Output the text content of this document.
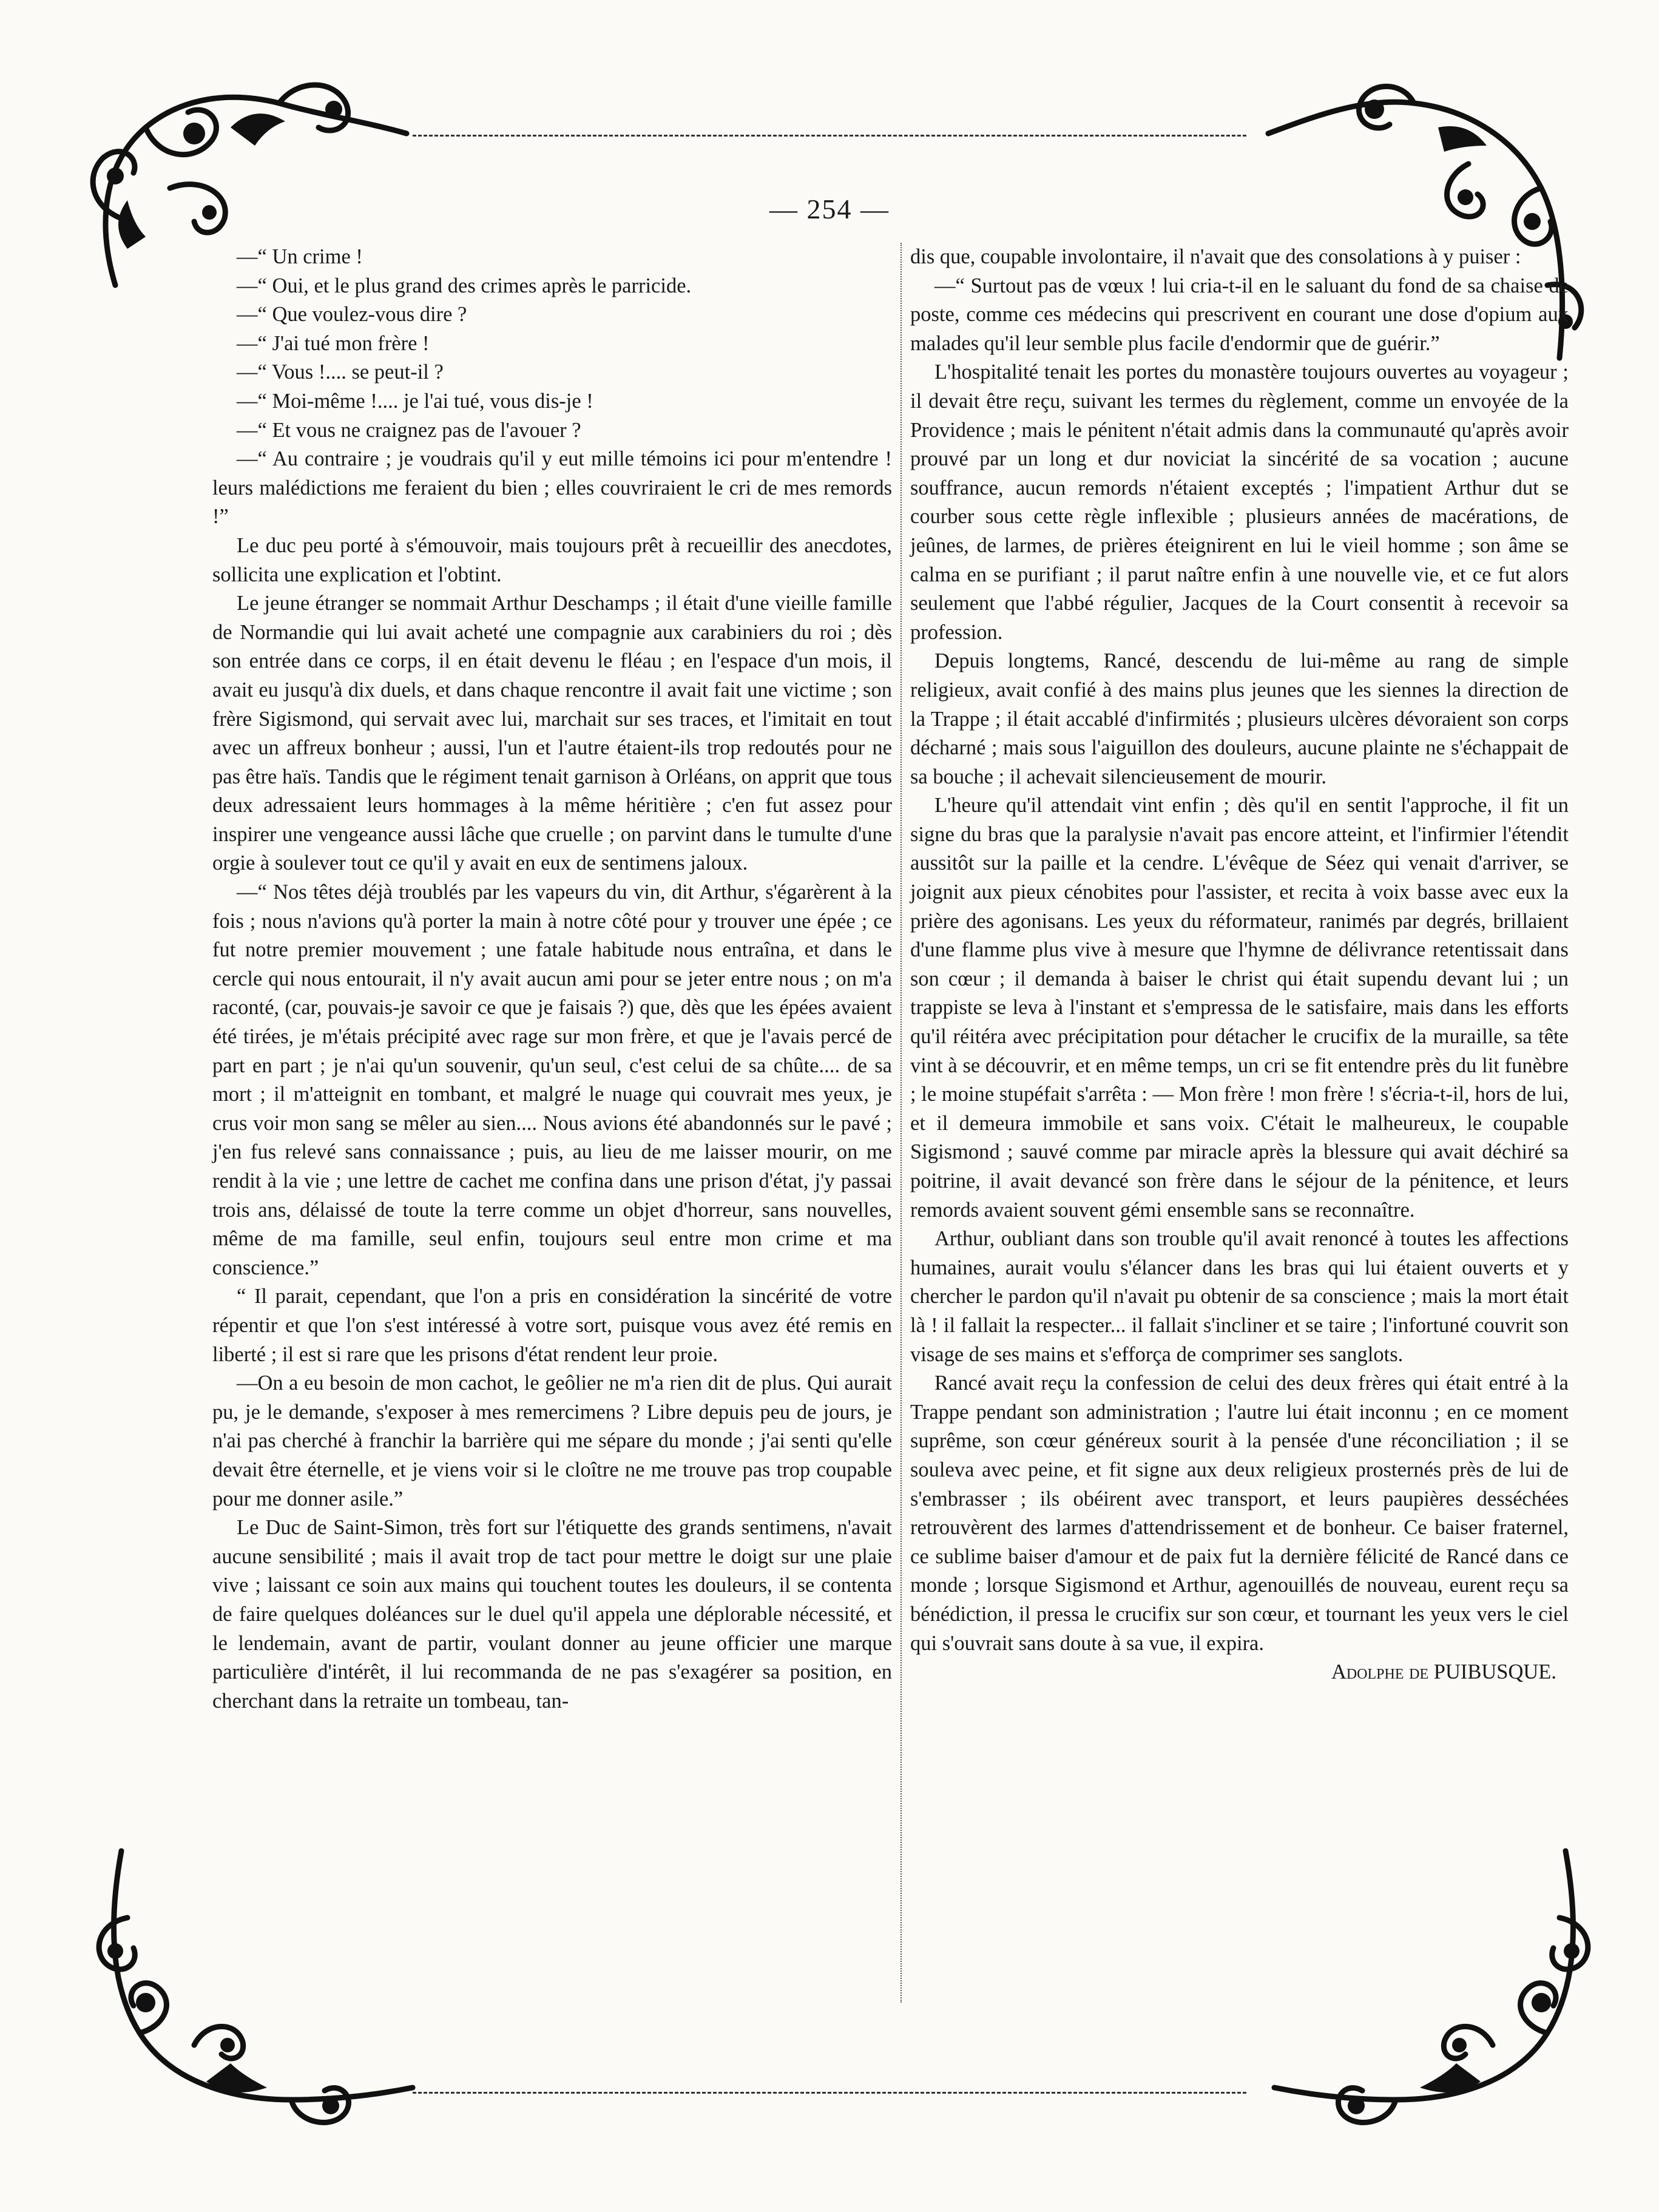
— 254 —

—“ Un crime !

—“ Oui, et le plus grand des crimes après le parricide.

—“ Que voulez-vous dire ?

—“ J'ai tué mon frère !

—“ Vous !.... se peut-il ?

—“ Moi-même !.... je l'ai tué, vous dis-je !

—“ Et vous ne craignez pas de l'avouer ?

—“ Au contraire ; je voudrais qu'il y eut mille témoins ici pour m'entendre ! leurs malédictions me feraient du bien ; elles couvriraient le cri de mes remords !”

Le duc peu porté à s'émouvoir, mais toujours prêt à recueillir des anecdotes, sollicita une explication et l'obtint.

Le jeune étranger se nommait Arthur Deschamps ; il était d'une vieille famille de Normandie qui lui avait acheté une compagnie aux carabiniers du roi ; dès son entrée dans ce corps, il en était devenu le fléau ; en l'espace d'un mois, il avait eu jusqu'à dix duels, et dans chaque rencontre il avait fait une victime ; son frère Sigismond, qui servait avec lui, marchait sur ses traces, et l'imitait en tout avec un affreux bonheur ; aussi, l'un et l'autre étaient-ils trop redoutés pour ne pas être haïs. Tandis que le régiment tenait garnison à Orléans, on apprit que tous deux adressaient leurs hommages à la même héritière ; c'en fut assez pour inspirer une vengeance aussi lâche que cruelle ; on parvint dans le tumulte d'une orgie à soulever tout ce qu'il y avait en eux de sentimens jaloux.

—“ Nos têtes déjà troublés par les vapeurs du vin, dit Arthur, s'égarèrent à la fois ; nous n'avions qu'à porter la main à notre côté pour y trouver une épée ; ce fut notre premier mouvement ; une fatale habitude nous entraîna, et dans le cercle qui nous entourait, il n'y avait aucun ami pour se jeter entre nous ; on m'a raconté, (car, pouvais-je savoir ce que je faisais ?) que, dès que les épées avaient été tirées, je m'étais précipité avec rage sur mon frère, et que je l'avais percé de part en part ; je n'ai qu'un souvenir, qu'un seul, c'est celui de sa chûte.... de sa mort ; il m'atteignit en tombant, et malgré le nuage qui couvrait mes yeux, je crus voir mon sang se mêler au sien.... Nous avions été abandonnés sur le pavé ; j'en fus relevé sans connaissance ; puis, au lieu de me laisser mourir, on me rendit à la vie ; une lettre de cachet me confina dans une prison d'état, j'y passai trois ans, délaissé de toute la terre comme un objet d'horreur, sans nouvelles, même de ma famille, seul enfin, toujours seul entre mon crime et ma conscience.”

“ Il parait, cependant, que l'on a pris en considération la sincérité de votre répentir et que l'on s'est intéressé à votre sort, puisque vous avez été remis en liberté ; il est si rare que les prisons d'état rendent leur proie.

—On a eu besoin de mon cachot, le geôlier ne m'a rien dit de plus. Qui aurait pu, je le demande, s'exposer à mes remercimens ? Libre depuis peu de jours, je n'ai pas cherché à franchir la barrière qui me sépare du monde ; j'ai senti qu'elle devait être éternelle, et je viens voir si le cloître ne me trouve pas trop coupable pour me donner asile.”

Le Duc de Saint-Simon, très fort sur l'étiquette des grands sentimens, n'avait aucune sensibilité ; mais il avait trop de tact pour mettre le doigt sur une plaie vive ; laissant ce soin aux mains qui touchent toutes les douleurs, il se contenta de faire quelques doléances sur le duel qu'il appela une déplorable nécessité, et le lendemain, avant de partir, voulant donner au jeune officier une marque particulière d'intérêt, il lui recommanda de ne pas s'exagérer sa position, en cherchant dans la retraite un tombeau, tan-

dis que, coupable involontaire, il n'avait que des consolations à y puiser :

—“ Surtout pas de vœux ! lui cria-t-il en le saluant du fond de sa chaise de poste, comme ces médecins qui prescrivent en courant une dose d'opium aux malades qu'il leur semble plus facile d'endormir que de guérir.”

L'hospitalité tenait les portes du monastère toujours ouvertes au voyageur ; il devait être reçu, suivant les termes du règlement, comme un envoyée de la Providence ; mais le pénitent n'était admis dans la communauté qu'après avoir prouvé par un long et dur noviciat la sincérité de sa vocation ; aucune souffrance, aucun remords n'étaient exceptés ; l'impatient Arthur dut se courber sous cette règle inflexible ; plusieurs années de macérations, de jeûnes, de larmes, de prières éteignirent en lui le vieil homme ; son âme se calma en se purifiant ; il parut naître enfin à une nouvelle vie, et ce fut alors seulement que l'abbé régulier, Jacques de la Court consentit à recevoir sa profession.

Depuis longtems, Rancé, descendu de lui-même au rang de simple religieux, avait confié à des mains plus jeunes que les siennes la direction de la Trappe ; il était accablé d'infirmités ; plusieurs ulcères dévoraient son corps décharné ; mais sous l'aiguillon des douleurs, aucune plainte ne s'échappait de sa bouche ; il achevait silencieusement de mourir.

L'heure qu'il attendait vint enfin ; dès qu'il en sentit l'approche, il fit un signe du bras que la paralysie n'avait pas encore atteint, et l'infirmier l'étendit aussitôt sur la paille et la cendre. L'évêque de Séez qui venait d'arriver, se joignit aux pieux cénobites pour l'assister, et recita à voix basse avec eux la prière des agonisans. Les yeux du réformateur, ranimés par degrés, brillaient d'une flamme plus vive à mesure que l'hymne de délivrance retentissait dans son cœur ; il demanda à baiser le christ qui était supendu devant lui ; un trappiste se leva à l'instant et s'empressa de le satisfaire, mais dans les efforts qu'il réitéra avec précipitation pour détacher le crucifix de la muraille, sa tête vint à se découvrir, et en même temps, un cri se fit entendre près du lit funèbre ; le moine stupéfait s'arrêta : — Mon frère ! mon frère ! s'écria-t-il, hors de lui, et il demeura immobile et sans voix. C'était le malheureux, le coupable Sigismond ; sauvé comme par miracle après la blessure qui avait déchiré sa poitrine, il avait devancé son frère dans le séjour de la pénitence, et leurs remords avaient souvent gémi ensemble sans se reconnaître.

Arthur, oubliant dans son trouble qu'il avait renoncé à toutes les affections humaines, aurait voulu s'élancer dans les bras qui lui étaient ouverts et y chercher le pardon qu'il n'avait pu obtenir de sa conscience ; mais la mort était là ! il fallait la respecter... il fallait s'incliner et se taire ; l'infortuné couvrit son visage de ses mains et s'efforça de comprimer ses sanglots.

Rancé avait reçu la confession de celui des deux frères qui était entré à la Trappe pendant son administration ; l'autre lui était inconnu ; en ce moment suprême, son cœur généreux sourit à la pensée d'une réconciliation ; il se souleva avec peine, et fit signe aux deux religieux prosternés près de lui de s'embrasser ; ils obéirent avec transport, et leurs paupières desséchées retrouvèrent des larmes d'attendrissement et de bonheur. Ce baiser fraternel, ce sublime baiser d'amour et de paix fut la dernière félicité de Rancé dans ce monde ; lorsque Sigismond et Arthur, agenouillés de nouveau, eurent reçu sa bénédiction, il pressa le crucifix sur son cœur, et tournant les yeux vers le ciel qui s'ouvrait sans doute à sa vue, il expira.

Adolphe de PUIBUSQUE.
